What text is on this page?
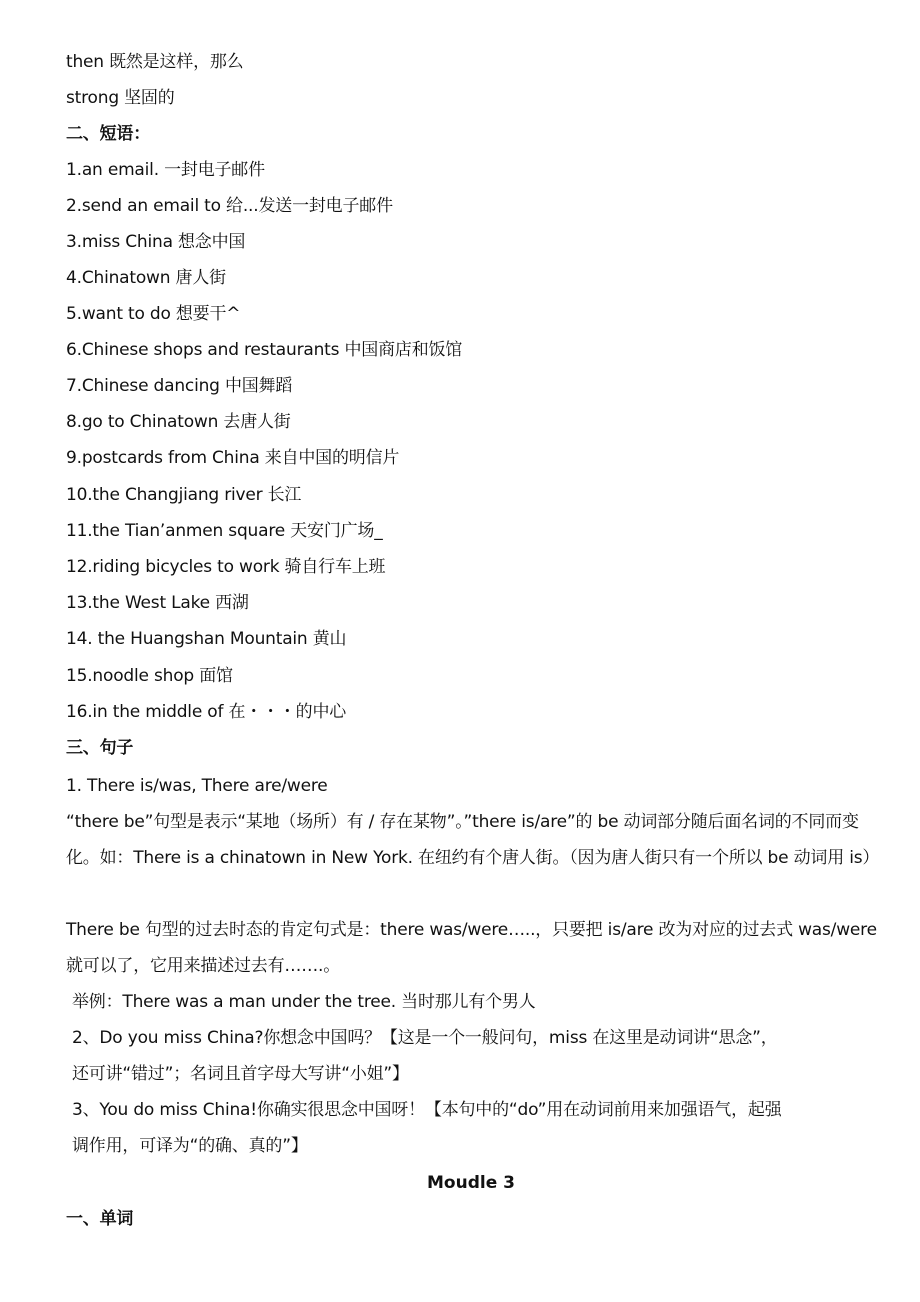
then 既然是这样，那么
strong 坚固的
二、短语：
1.an email. 一封电子邮件
2.send an email to 给...发送一封电子邮件
3.miss China 想念中国
4.Chinatown 唐人街
5.want to do 想要干^
6.Chinese shops and restaurants 中国商店和饭馆
7.Chinese dancing 中国舞蹈
8.go to Chinatown 去唐人街
9.postcards from China 来自中国的明信片
10.the Changjiang river 长江
11.the Tian’anmen square 天安门广场_
12.riding bicycles to work 骑自行车上班
13.the West Lake 西湖
14. the Huangshan Mountain 黄山
15.noodle shop 面馆
16.in the middle of 在・・・的中心
三、句子
1. There is/was, There are/were
“there be”句型是表示“某地（场所）有 / 存在某物”。”there is/are”的 be 动词部分随后面名词的不同而变化。如：There is a chinatown in New York. 在纽约有个唐人街。（因为唐人街只有一个所以 be 动词用 is）
There be 句型的过去时态的肯定句式是：there was/were…..，只要把 is/are 改为对应的过去式 was/were 就可以了，它用来描述过去有…….。
举例：There was a man under the tree. 当时那儿有个男人
2、Do you miss China?你想念中国吗？【这是一个一般问句，miss 在这里是动词讲“思念”，还可讲“错过”；名词且首字母大写讲“小姐”】
3、You do miss China!你确实很思念中国呀！【本句中的“do”用在动词前用来加强语气，起强调作用，可译为“的确、真的”】
Moudle 3
一、单词
